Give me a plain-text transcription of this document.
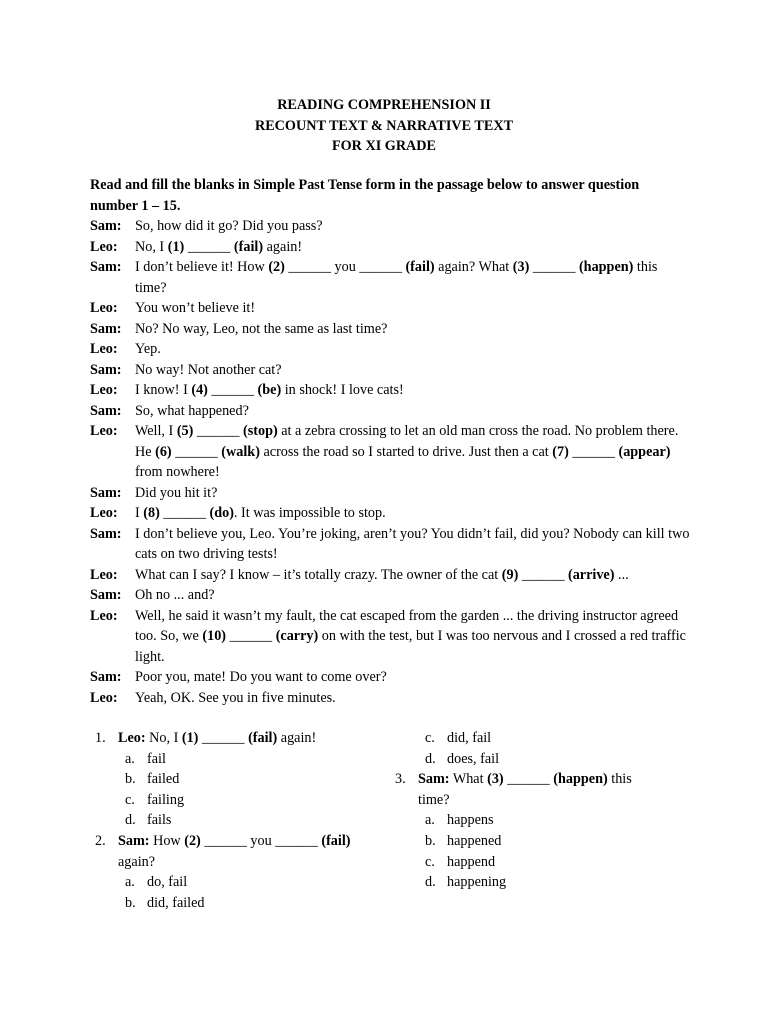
READING COMPREHENSION II
RECOUNT TEXT & NARRATIVE TEXT
FOR XI GRADE
Read and fill the blanks in Simple Past Tense form in the passage below to answer question number 1 – 15.
Sam: So, how did it go? Did you pass?
Leo:	No, I (1) ______ (fail) again!
Sam: I don’t believe it! How (2) ______ you ______ (fail) again? What (3) ______ (happen) this time?
Leo:	You won’t believe it!
Sam: No? No way, Leo, not the same as last time?
Leo:	Yep.
Sam: No way! Not another cat?
Leo:	I know! I (4) ______ (be) in shock! I love cats!
Sam: So, what happened?
Leo:	Well, I (5) ______ (stop) at a zebra crossing to let an old man cross the road. No problem there. He (6) ______ (walk) across the road so I started to drive. Just then a cat (7) ______ (appear) from nowhere!
Sam: Did you hit it?
Leo:	I (8) ______ (do). It was impossible to stop.
Sam: I don’t believe you, Leo. You’re joking, aren’t you? You didn’t fail, did you? Nobody can kill two cats on two driving tests!
Leo:	What can I say? I know – it’s totally crazy. The owner of the cat (9) ______ (arrive) ...
Sam: Oh no ... and?
Leo:	Well, he said it wasn’t my fault, the cat escaped from the garden ... the driving instructor agreed too. So, we (10) ______ (carry) on with the test, but I was too nervous and I crossed a red traffic light.
Sam: Poor you, mate! Do you want to come over?
Leo:	Yeah, OK. See you in five minutes.
1. Leo: No, I (1) ______ (fail) again!
a. fail
b. failed
c. failing
d. fails
2. Sam: How (2) ______ you ______ (fail) again?
a. do, fail
b. did, failed
c. did, fail
d. does, fail
3. Sam: What (3) ______ (happen) this time?
a. happens
b. happened
c. happend
d. happening
